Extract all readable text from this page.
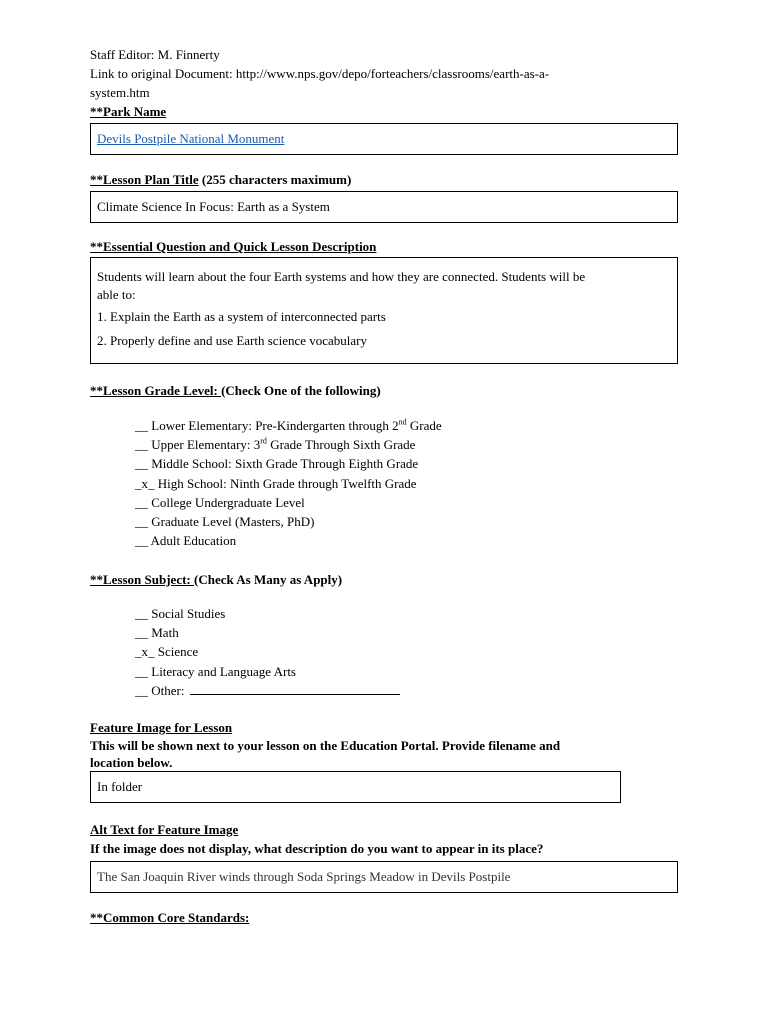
Staff Editor: M. Finnerty
Link to original Document: http://www.nps.gov/depo/forteachers/classrooms/earth-as-a-
system.htm
**Park Name
Devils Postpile National Monument
**Lesson Plan Title (255 characters maximum)
Climate Science In Focus: Earth as a System
**Essential Question and Quick Lesson Description
Students will learn about the four Earth systems and how they are connected. Students will be
able to:
1. Explain the Earth as a system of interconnected parts
2. Properly define and use Earth science vocabulary
**Lesson Grade Level: (Check One of the following)
__ Lower Elementary: Pre-Kindergarten through 2nd Grade
__ Upper Elementary: 3rd Grade Through Sixth Grade
__ Middle School: Sixth Grade Through Eighth Grade
_x_ High School: Ninth Grade through Twelfth Grade
__ College Undergraduate Level
__ Graduate Level (Masters, PhD)
__ Adult Education
**Lesson Subject: (Check As Many as Apply)
__ Social Studies
__ Math
_x_ Science
__ Literacy and Language Arts
__ Other:
Feature Image for Lesson
This will be shown next to your lesson on the Education Portal. Provide filename and
location below.
In folder
Alt Text for Feature Image
If the image does not display, what description do you want to appear in its place?
The San Joaquin River winds through Soda Springs Meadow in Devils Postpile
**Common Core Standards:
